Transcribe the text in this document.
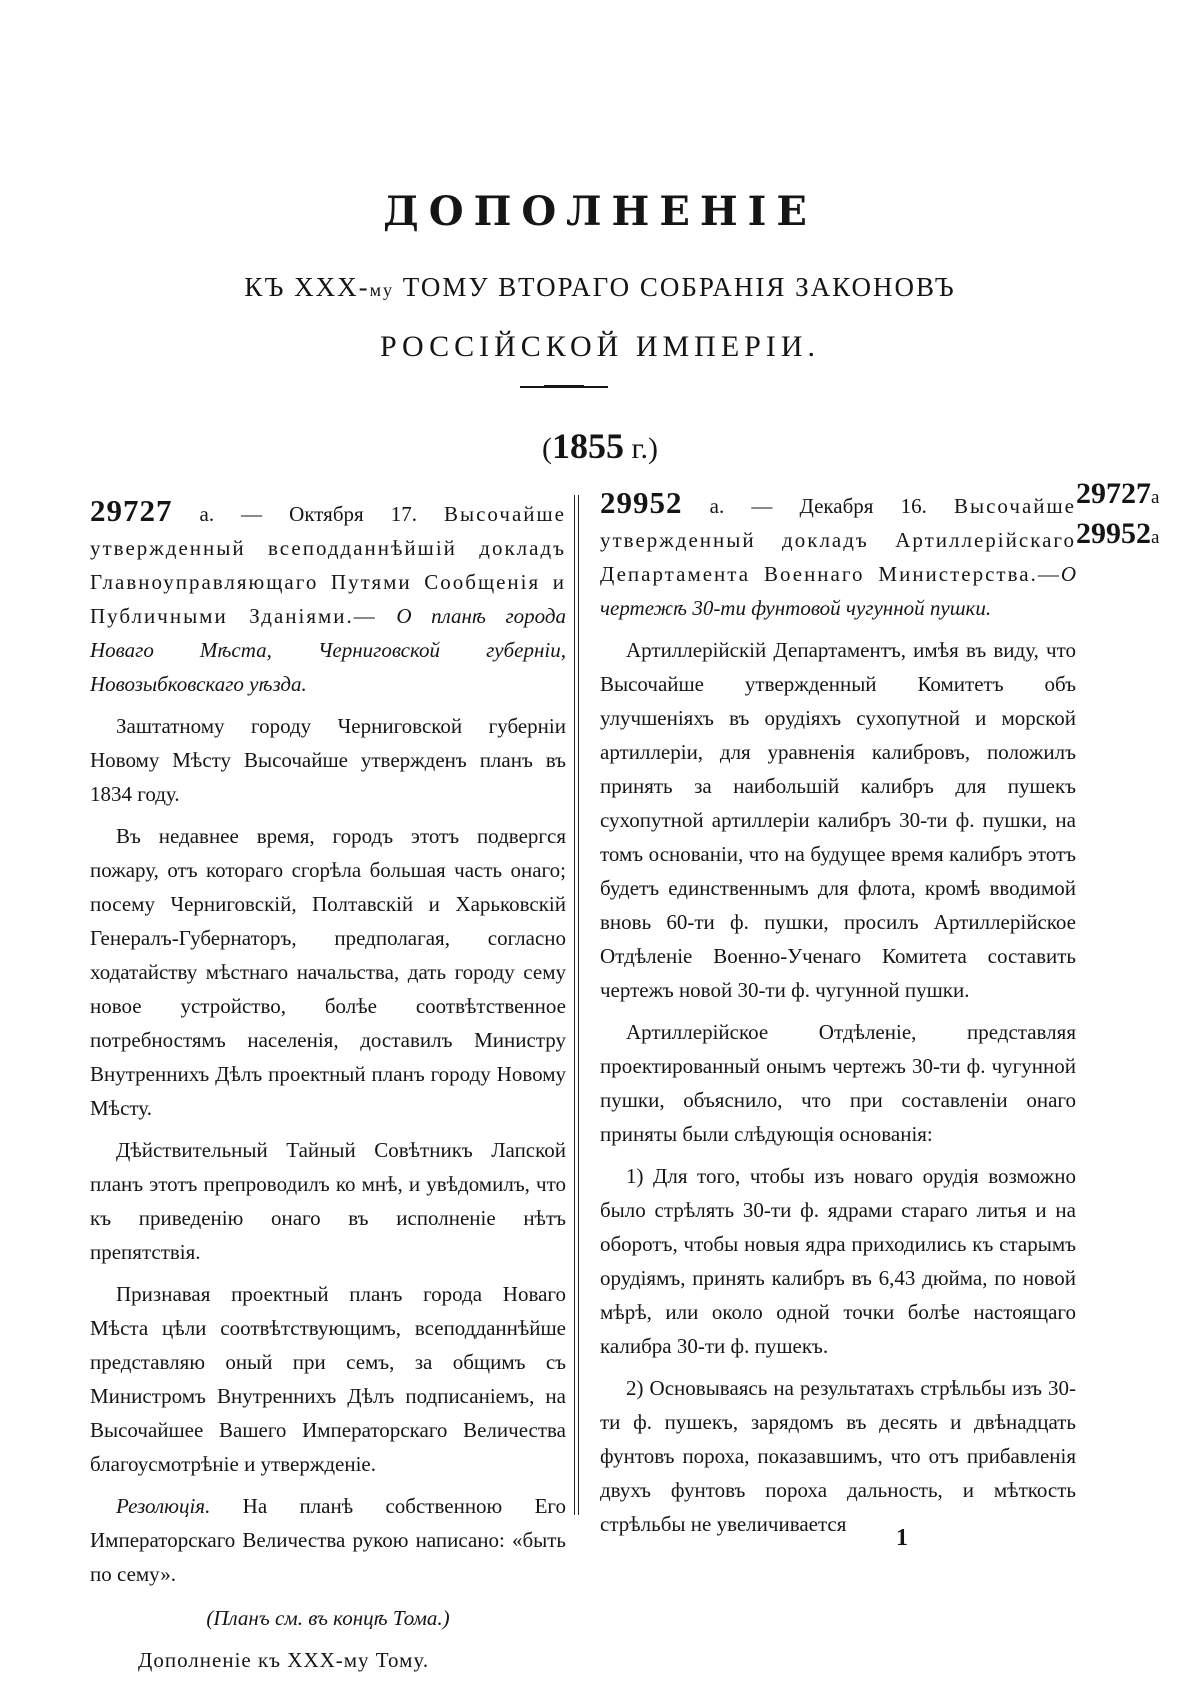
ДОПОЛНЕНІЕ
КЪ XXX-му ТОМУ ВТОРАГО СОБРАНІЯ ЗАКОНОВЪ
РОССІЙСКОЙ ИМПЕРІИ.
(1855 г.)

29727 а. — Октября 17. Высочайше утвержденный всеподданнѣйшій докладъ Главноуправляющаго Путями Сообщенія и Публичными Зданіями.— О планѣ города Новаго Мѣста, Черниговской губерніи, Новозыбковскаго уѣзда.

Заштатному городу Черниговской губерніи Новому Мѣсту Высочайше утвержденъ планъ въ 1834 году.

Въ недавнее время, городъ этотъ подвергся пожару, отъ котораго сгорѣла большая часть онаго; посему Черниговскій, Полтавскій и Харьковскій Генералъ-Губернаторъ, предполагая, согласно ходатайству мѣстнаго начальства, дать городу сему новое устройство, болѣе соотвѣтственное потребностямъ населенія, доставилъ Министру Внутреннихъ Дѣлъ проектный планъ городу Новому Мѣсту.

Дѣйствительный Тайный Совѣтникъ Лапской планъ этотъ препроводилъ ко мнѣ, и увѣдомилъ, что къ приведенію онаго въ исполненіе нѣтъ препятствія.

Признавая проектный планъ города Новаго Мѣста цѣли соотвѣтствующимъ, всеподданнѣйше представляю оный при семъ, за общимъ съ Министромъ Внутреннихъ Дѣлъ подписаніемъ, на Высочайшее Вашего Императорскаго Величества благоусмотрѣніе и утвержденіе.

Резолюція. На планѣ собственною Его Императорскаго Величества рукою написано: «быть по сему».

(Планъ см. въ концѣ Тома.)

Дополненіе къ XXX-му Тому.

29952 а. — Декабря 16. Высочайше утвержденный докладъ Артиллерійскаго Департамента Военнаго Министерства.—О чертежѣ 30-ти фунтовой чугунной пушки.

Артиллерійскій Департаментъ, имѣя въ виду, что Высочайше утвержденный Комитетъ объ улучшеніяхъ въ орудіяхъ сухопутной и морской артиллеріи, для уравненія калибровъ, положилъ принять за наибольшій калибръ для пушекъ сухопутной артиллеріи калибръ 30-ти ф. пушки, на томъ основаніи, что на будущее время калибръ этотъ будетъ единственнымъ для флота, кромѣ вводимой вновь 60-ти ф. пушки, просилъ Артиллерійское Отдѣленіе Военно-Ученаго Комитета составить чертежъ новой 30-ти ф. чугунной пушки.

Артиллерійское Отдѣленіе, представляя проектированный онымъ чертежъ 30-ти ф. чугунной пушки, объяснило, что при составленіи онаго приняты были слѣдующія основанія:

1) Для того, чтобы изъ новаго орудія возможно было стрѣлять 30-ти ф. ядрами стараго литья и на оборотъ, чтобы новыя ядра приходились къ старымъ орудіямъ, принять калибръ въ 6,43 дюйма, по новой мѣрѣ, или около одной точки болѣе настоящаго калибра 30-ти ф. пушекъ.

2) Основываясь на результатахъ стрѣльбы изъ 30-ти ф. пушекъ, зарядомъ въ десять и двѣнадцать фунтовъ пороха, показавшимъ, что отъ прибавленія двухъ фунтовъ пороха дальность, и мѣткость стрѣльбы не увеличивается

29727а
29952а
1
